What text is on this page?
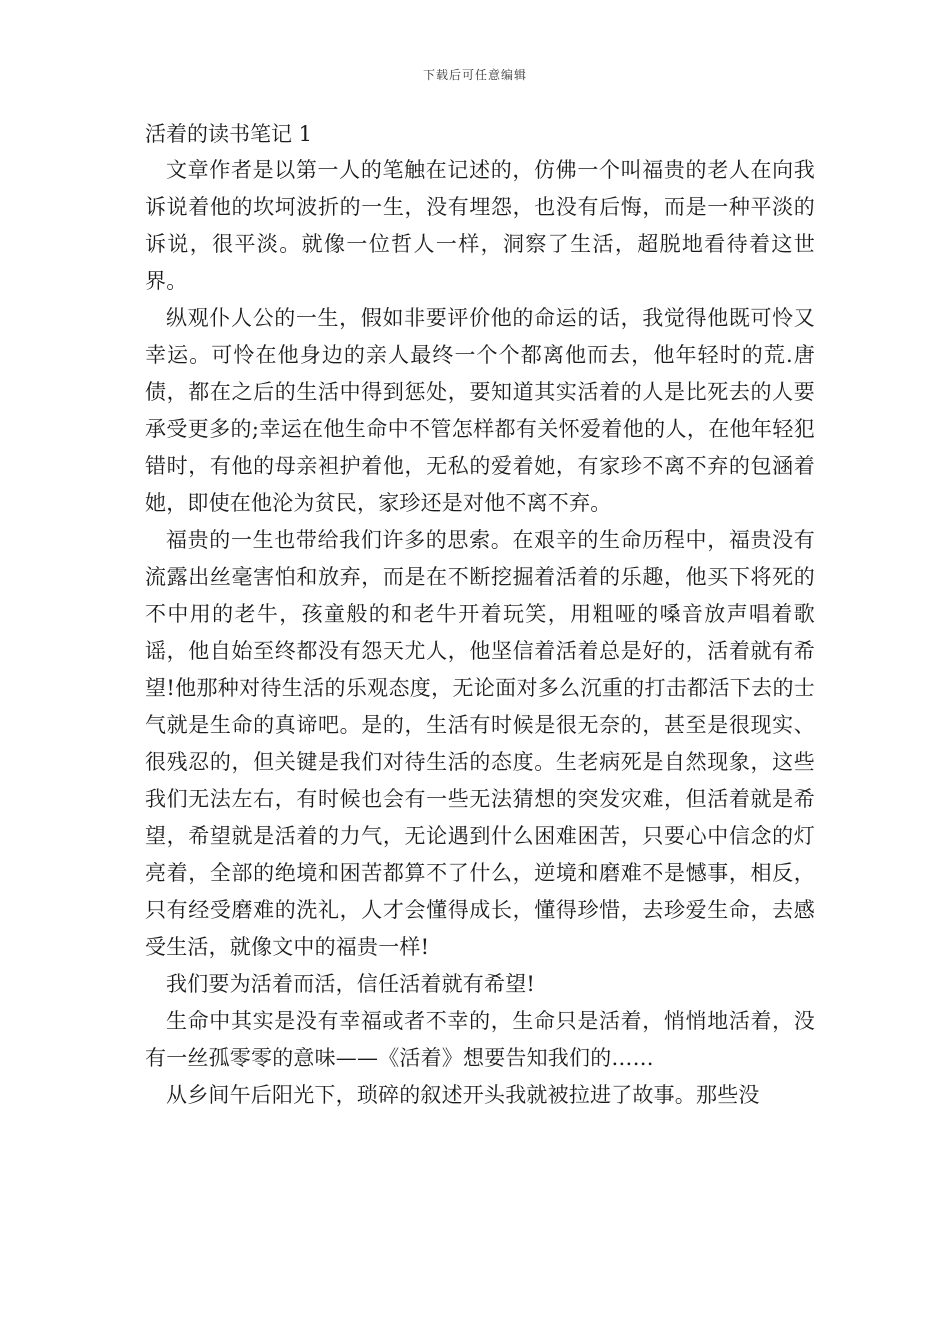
下载后可任意编辑
活着的读书笔记 1

文章作者是以第一人的笔触在记述的，仿佛一个叫福贵的老人在向我诉说着他的坎坷波折的一生，没有埋怨，也没有后悔，而是一种平淡的诉说，很平淡。就像一位哲人一样，洞察了生活，超脱地看待着这世界。

纵观仆人公的一生，假如非要评价他的命运的话，我觉得他既可怜又幸运。可怜在他身边的亲人最终一个个都离他而去，他年轻时的荒.唐债，都在之后的生活中得到惩处，要知道其实活着的人是比死去的人要承受更多的;幸运在他生命中不管怎样都有关怀爱着他的人，在他年轻犯错时，有他的母亲袒护着他，无私的爱着她，有家珍不离不弃的包涵着她，即使在他沦为贫民，家珍还是对他不离不弃。

福贵的一生也带给我们许多的思索。在艰辛的生命历程中，福贵没有流露出丝毫害怕和放弃，而是在不断挖掘着活着的乐趣，他买下将死的不中用的老牛，孩童般的和老牛开着玩笑，用粗哑的嗓音放声唱着歌谣，他自始至终都没有怨天尤人，他坚信着活着总是好的，活着就有希望!他那种对待生活的乐观态度，无论面对多么沉重的打击都活下去的士气就是生命的真谛吧。是的，生活有时候是很无奈的，甚至是很现实、很残忍的，但关键是我们对待生活的态度。生老病死是自然现象，这些我们无法左右，有时候也会有一些无法猜想的突发灾难，但活着就是希望，希望就是活着的力气，无论遇到什么困难困苦，只要心中信念的灯亮着，全部的绝境和困苦都算不了什么，逆境和磨难不是憾事，相反，只有经受磨难的洗礼，人才会懂得成长，懂得珍惜，去珍爱生命，去感受生活，就像文中的福贵一样!

我们要为活着而活，信任活着就有希望!

生命中其实是没有幸福或者不幸的，生命只是活着，悄悄地活着，没有一丝孤零零的意味——《活着》想要告知我们的……

从乡间午后阳光下，琐碎的叙述开头我就被拉进了故事。那些没
